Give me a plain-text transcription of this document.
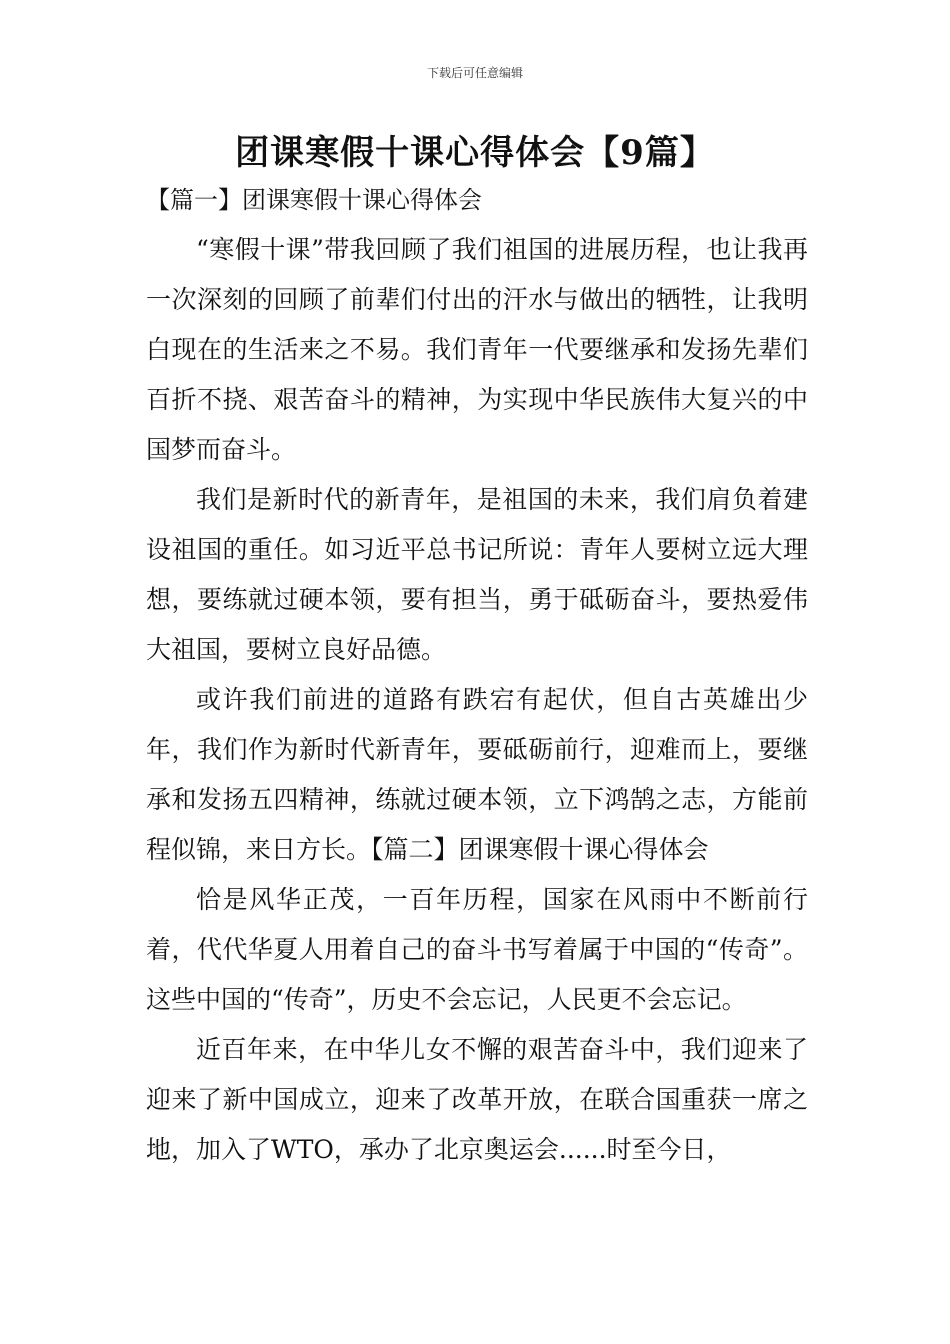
下载后可任意编辑
团课寒假十课心得体会【9篇】
【篇一】团课寒假十课心得体会

“寒假十课”带我回顾了我们祖国的进展历程，也让我再一次深刻的回顾了前辈们付出的汗水与做出的牺牲，让我明白现在的生活来之不易。我们青年一代要继承和发扬先辈们百折不挠、艰苦奋斗的精神，为实现中华民族伟大复兴的中国梦而奋斗。

我们是新时代的新青年，是祖国的未来，我们肩负着建设祖国的重任。如习近平总书记所说：青年人要树立远大理想，要练就过硬本领，要有担当，勇于砥砺奋斗，要热爱伟大祖国，要树立良好品德。

或许我们前进的道路有跌宕有起伏，但自古英雄出少年，我们作为新时代新青年，要砥砺前行，迎难而上，要继承和发扬五四精神，练就过硬本领，立下鸿鹄之志，方能前程似锦，来日方长。【篇二】团课寒假十课心得体会

恰是风华正茂，一百年历程，国家在风雨中不断前行着，代代华夏人用着自己的奋斗书写着属于中国的“传奇”。这些中国的“传奇”，历史不会忘记，人民更不会忘记。

近百年来，在中华儿女不懈的艰苦奋斗中，我们迎来了迎来了新中国成立，迎来了改革开放，在联合国重获一席之地，加入了WTO，承办了北京奥运会......时至今日，
